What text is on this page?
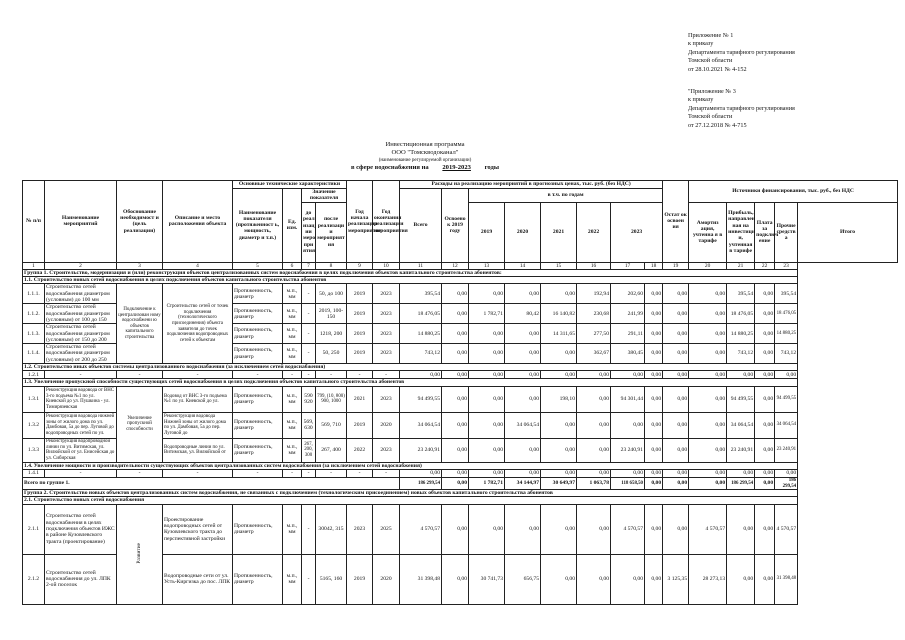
Приложение № 1
к приказу
Департамента тарифного регулирования
Томской области
от 28.10.2021 № 4-152
"Приложение № 3
к приказу
Департамента тарифного регулирования
Томской области
от 27.12.2018 № 4-715
Инвестиционная программа
ООО "Томскводоканал"
(наименование регулируемой организации)
в сфере водоснабжения на 2019-2023 годы
№ п/п	Наименование мероприятий	Обоснование необходимост и (цель реализации)	Описание и место расположения объекта	Основные технические характеристики				Год начала реализации мероприятия	Год окончания реализации мероприятия	Расходы на реализацию мероприятий в прогнозных ценах, тыс. руб. (без НДС)								Остат ок освоен ия	Источники финансирования, тыс. руб., без НДС				
				Наименование показателя (протяженност ь, мощность, диаметр и т.п.)	Ед. изм.	Значение показателя				Всего	Освоено к 2019 году	в т.ч. по годам											
						до реал изац ии меро при ятия	после реализаци и мероприят ия					2019	2020	2021	2022	2023			Амортиз ация, учтенна я в тарифе	Прибыль, направлен ная на инвестици и, учтенная в тарифе	Плата за подключ ение	Прочие средств а	Итого

1	2	3	4	5	6	7	8	9	10	11	12	13	14	15	16	17	18	19	20	21	22	23	
Группа 1. Строительство, модернизация и (или) реконструкция объектов централизованных систем водоснабжения в целях подключения объектов капитального строительства абонентов:																							
1.1. Строительство новых сетей водоснабжения в целях подключения объектов капитального строительства абонентов																							
1.1.1.	Строительство сетей водоснабжения диаметром (условным) до 100 мм	Подключение к централизован ному водоснабжени ю объектов капитального строительства	Строительство сетей от точек подключения (технологического присоединения) объекта заявителя до точек подключения водопроводных сетей к объектам	Протяженность, диаметр	м.п., мм	-	50, до 100	2019	2023	395,54	0,00	0,00	0,00	0,00	192,94	202,60	0,00	0,00	0,00	395,54	0,00	395,54	
1.1.2.	Строительство сетей водоснабжения диаметром (условным) от 100 до 150			Протяженность, диаметр	м.п., мм	-	2019, 100-150	2019	2023	18 476,05	0,00	1 782,71	80,42	16 140,82	230,68	241,99	0,00	0,00	0,00	18 476,05	0,00	18 476,05	
1.1.3.	Строительство сетей водоснабжения диаметром (условным) от 150 до 200			Протяженность, диаметр	м.п., мм	-	1218, 200	2019	2023	14 880,25	0,00	0,00	0,00	14 311,65	277,50	291,11	0,00	0,00	0,00	14 880,25	0,00	14 880,25	
1.1.4.	Строительство сетей водоснабжения диаметром (условным) от 200 до 250			Протяженность, диаметр	м.п., мм	-	50, 250	2019	2023	743,12	0,00	0,00	0,00	0,00	362,67	380,45	0,00	0,00	0,00	743,12	0,00	743,12	
1.2. Строительство иных объектов системы централизованного водоснабжения (за исключением сетей водоснабжения)																							
1.2.1	-	-	-	-	-	-	-	-	-	0,00	0,00	0,00	0,00	0,00	0,00	0,00	0,00	0,00	0,00	0,00	0,00	0,00	
1.3. Увеличение пропускной способности существующих сетей водоснабжения в целях подключения объектов капитального строительства абонентов																							
1.3.1	Реконструкция водовода от ВНС 3-го подъема №1 по ул. Киевской до ул. Пушкина - ул. Тимирязевская	Увеличение пропускной способности	Водовод от ВНС 3-го подъема №1 по ул. Киевской до ул.	Протяженность, диаметр	м.п., мм	590 920	799, (10, 800) 900, 1000	2021	2023	94 499,55	0,00	0,00	0,00	198,10	0,00	94 301,44	0,00	0,00	0,00	94 499,55	0,00	94 499,55	
1.3.2	Реконструкция водовода нижней зоны от жилого дома по ул. Дамбовая, 5а до пер. Луговой до водопроводных сетей по ул.		Реконструкция водовода Нижней зоны от жилого дома по ул. Дамбовая, 5а до пер. Луговой до	Протяженность, диаметр	м.п., мм	569, 630	569, 710	2019	2020	34 064,54	0,00	0,00	34 064,54	0,00	0,00	0,00	0,00	0,00	0,00	34 064,54	0,00	34 064,54	
1.3.3	Реконструкция водопроводной линии по ул. Витимская, ул. Вилюйской от ул. Енисейская до ул. Сибирская		Водопроводные линии по ул. Витимская, ул. Вилюйской от	Протяженность, диаметр	м.п., мм	267, 200, 300	267, 400	2022	2023	23 240,91	0,00	0,00	0,00	0,00	0,00	23 240,91	0,00	0,00	0,00	23 240,91	0,00	23 240,91	
1.4. Увеличение мощности и производительности существующих объектов централизованных систем водоснабжения (за исключением сетей водоснабжения)																							
1.4.1	-	-	-	-	-	-	-	-	-	0,00	0,00	0,00	0,00	0,00	0,00	0,00	0,00	0,00	0,00	0,00	0,00	0,00	
Всего по группе 1.										186 299,54	0,00	1 782,71	34 144,97	30 649,97	1 063,78	118 658,50	0,00	0,00	0,00	186 299,54	0,00	186 299,54	
Группа 2. Строительство новых объектов централизованных систем водоснабжения, не связанных с подключением (технологическим присоединением) новых объектов капитального строительства абонентов																							
2.1. Строительство новых сетей водоснабжения																							
2.1.1	Строительство сетей водоснабжения в целях подключения объектов ИЖС в районе Кузовлевского тракта (проектирование)	Развитие	Проектирование водопроводных сетей от Кузовлевского тракта до перспективной застройки	Протяженность, диаметр	м.п., мм	-	30042, 315	2023	2025	4 570,57	0,00	0,00	0,00	0,00	0,00	4 570,57	0,00	0,00	4 570,57	0,00	0,00	4 570,57	
2.1.2	Строительство сетей водоснабжения до ул. ЛПК 2-ой поселок		Водопроводные сети от ул. Усть-Киргизка до пос. ЛПК	Протяженность, диаметр	м.п., мм	-	5165, 160	2019	2020	31 398,48	0,00	30 741,73	656,75	0,00	0,00	0,00	0,00	3 125,35	28 273,13	0,00	0,00	31 398,48	
